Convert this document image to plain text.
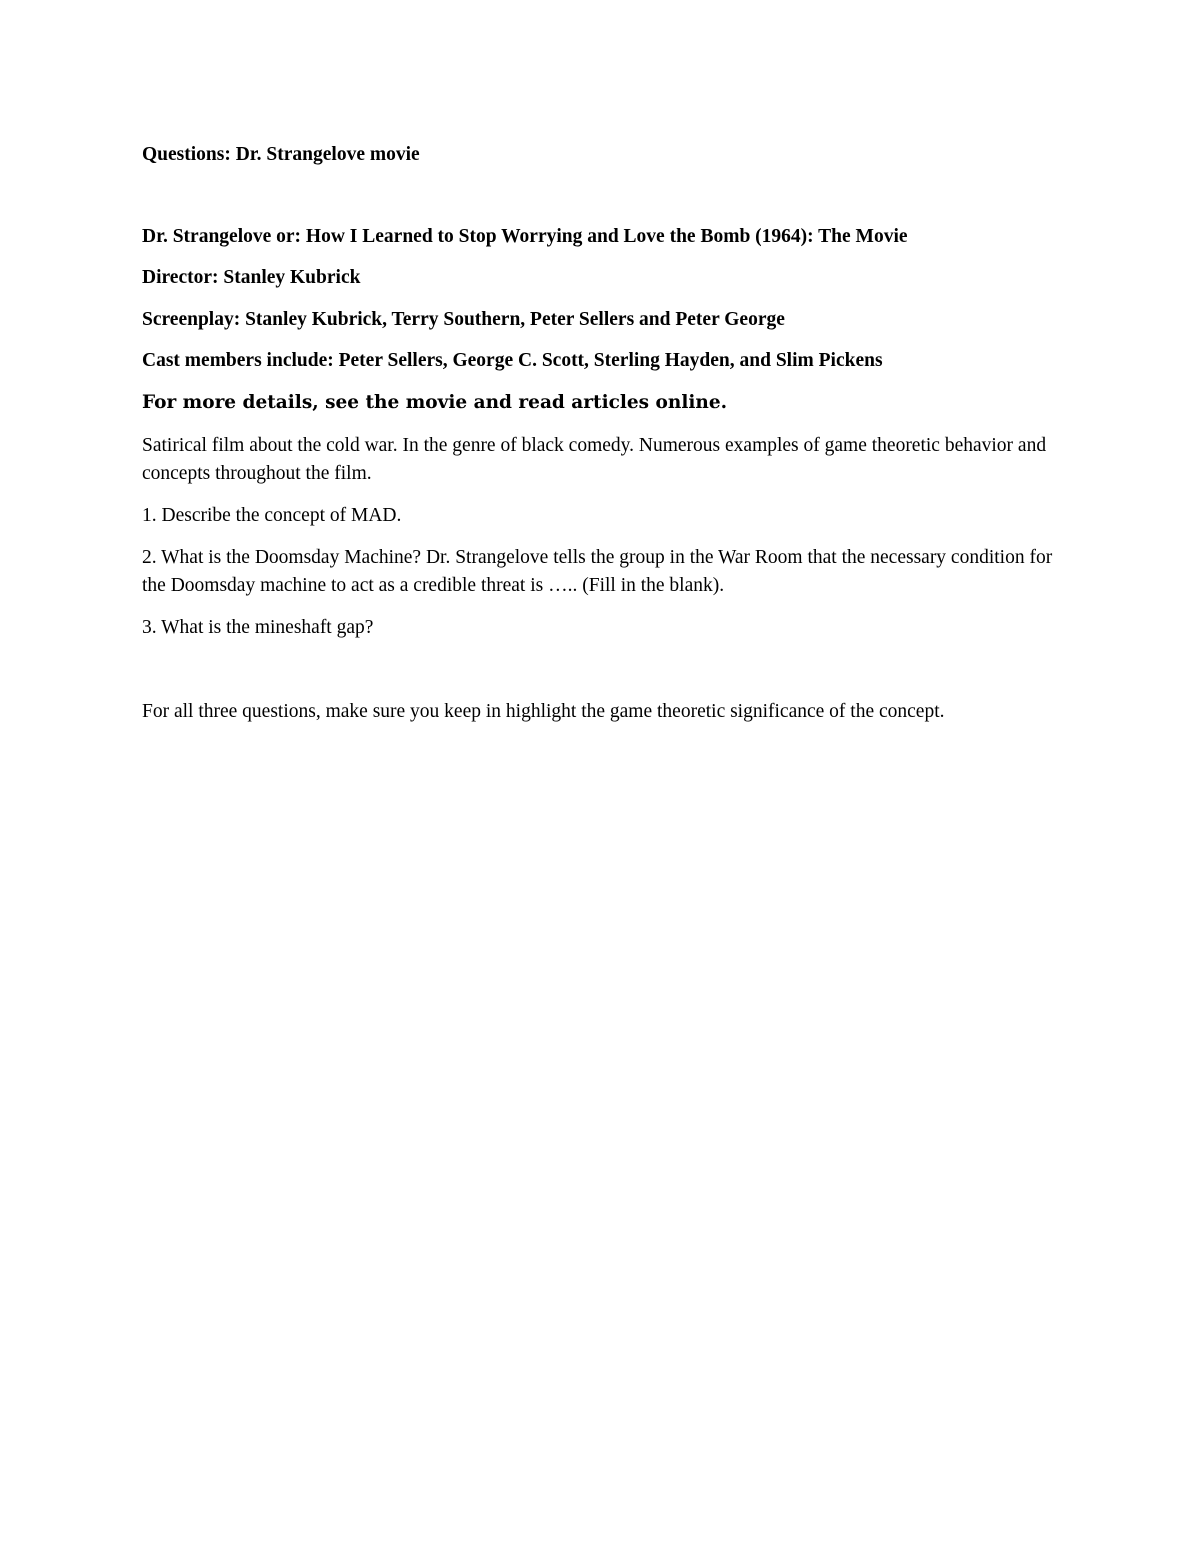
Questions: Dr. Strangelove movie
Dr. Strangelove or: How I Learned to Stop Worrying and Love the Bomb (1964): The Movie
Director: Stanley Kubrick
Screenplay: Stanley Kubrick, Terry Southern, Peter Sellers and Peter George
Cast members include: Peter Sellers, George C. Scott, Sterling Hayden, and Slim Pickens
For more details, see the movie and read articles online.
Satirical film about the cold war. In the genre of black comedy. Numerous examples of game theoretic behavior and concepts throughout the film.
1. Describe the concept of MAD.
2. What is the Doomsday Machine? Dr. Strangelove tells the group in the War Room that the necessary condition for the Doomsday machine to act as a credible threat is ….. (Fill in the blank).
3. What is the mineshaft gap?
For all three questions, make sure you keep in highlight the game theoretic significance of the concept.
